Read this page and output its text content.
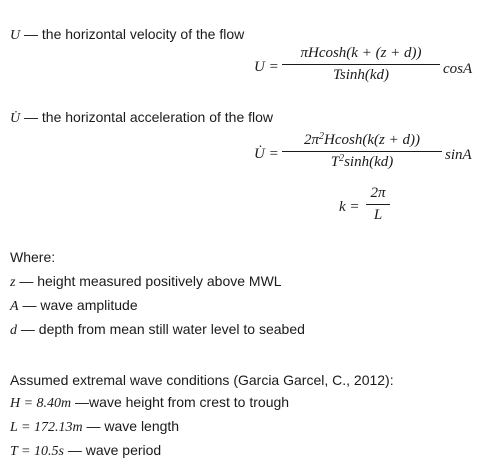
U — the horizontal velocity of the flow
U =
πHcosh(k + (z + d))
Tsinh(kd)	cosA
U̇ — the horizontal acceleration of the flow
U̇ =
$2\pi^2Hcosh(k(z + d))$
$T^2\sinh(kd)$	sinA
k =
2π
L
Where:
z — height measured positively above MWL
A — wave amplitude
d — depth from mean still water level to seabed
Assumed extremal wave conditions (Garcia Garcel, C., 2012):
H = 8.40m —wave height from crest to trough
L = 172.13m — wave length
T = 10.5s — wave period
